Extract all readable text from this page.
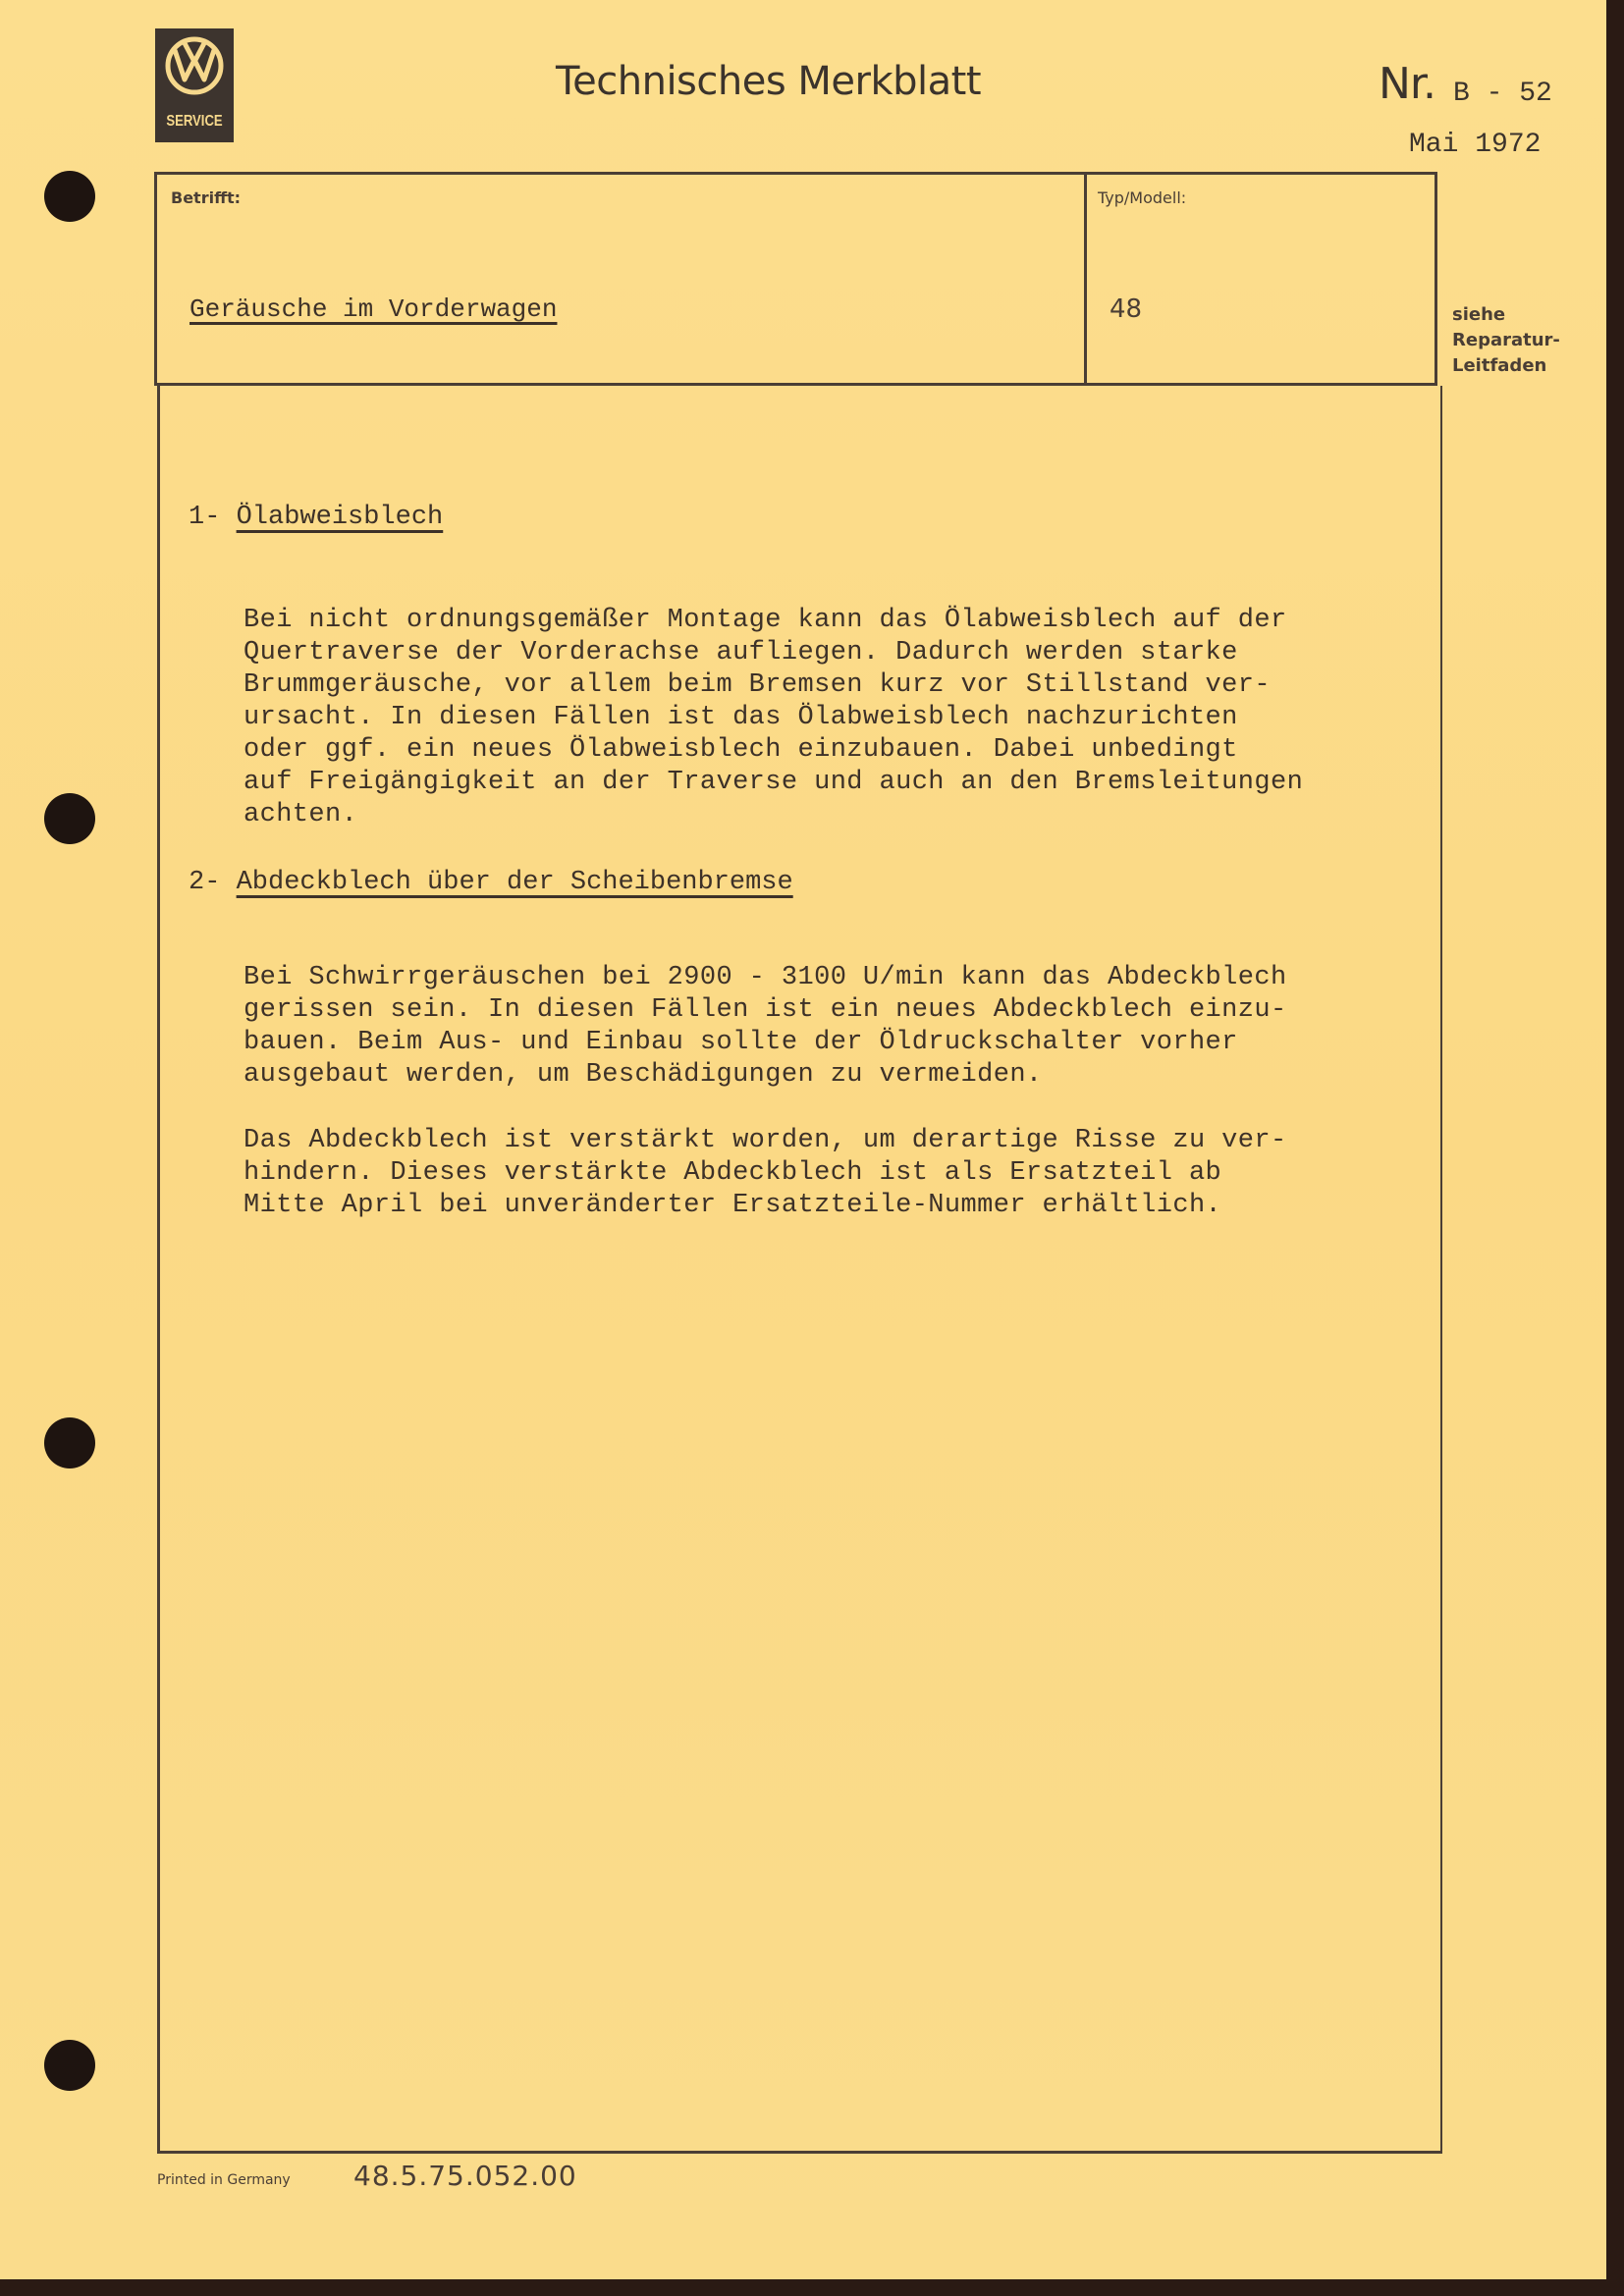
SERVICE
Technisches Merkblatt	Nr. B - 52
Mai 1972
Betrifft:
Geräusche im Vorderwagen
Typ/Modell:
48	siehe
Reparatur-
Leitfaden
1- Ölabweisblech
Bei nicht ordnungsgemäßer Montage kann das Ölabweisblech auf der
Quertraverse der Vorderachse aufliegen. Dadurch werden starke
Brummgeräusche, vor allem beim Bremsen kurz vor Stillstand ver-
ursacht. In diesen Fällen ist das Ölabweisblech nachzurichten
oder ggf. ein neues Ölabweisblech einzubauen. Dabei unbedingt
auf Freigängigkeit an der Traverse und auch an den Bremsleitungen
achten.
2- Abdeckblech über der Scheibenbremse
Bei Schwirrgeräuschen bei 2900 - 3100 U/min kann das Abdeckblech
gerissen sein. In diesen Fällen ist ein neues Abdeckblech einzu-
bauen. Beim Aus- und Einbau sollte der Öldruckschalter vorher
ausgebaut werden, um Beschädigungen zu vermeiden.
Das Abdeckblech ist verstärkt worden, um derartige Risse zu ver-
hindern. Dieses verstärkte Abdeckblech ist als Ersatzteil ab
Mitte April bei unveränderter Ersatzteile-Nummer erhältlich.
Printed in Germany 48.5.75.052.00
